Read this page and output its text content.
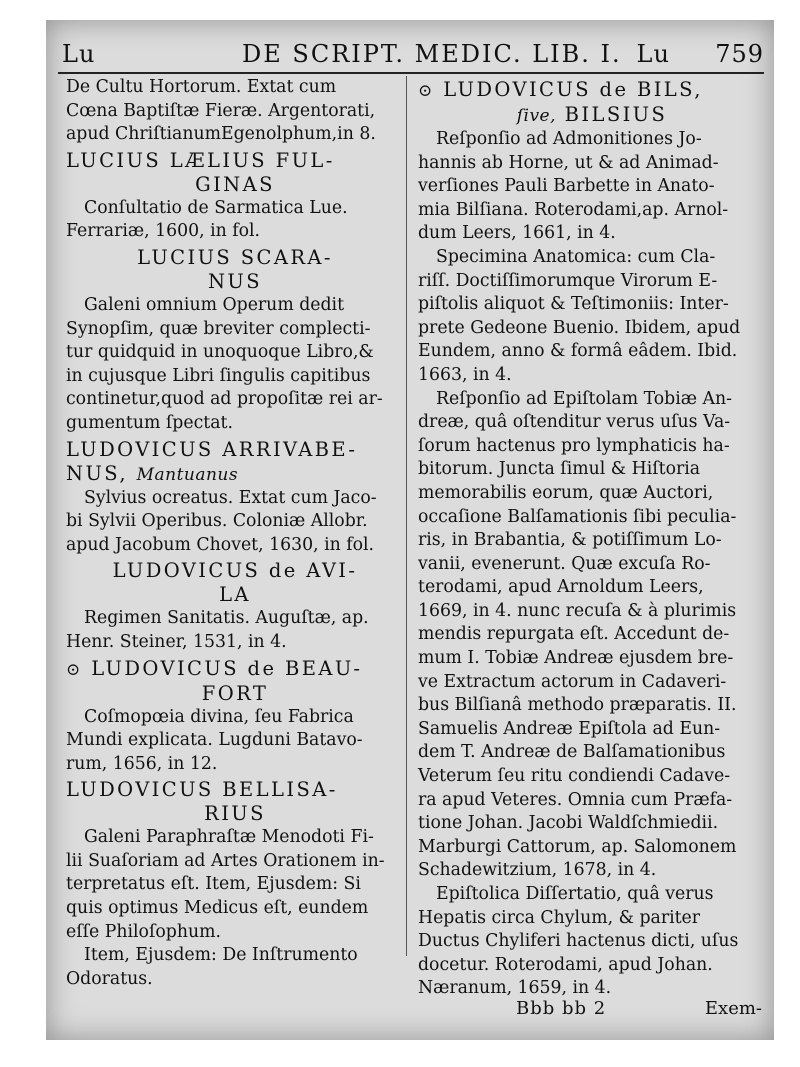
Lu	DE SCRIPT. MEDIC. LIB. I. Lu 759

De Cultu Hortorum. Extat cum
Cœna Baptiſtæ Fieræ. Argentorati,
apud ChriſtianumEgenolphum,in 8.

LUCIUS LÆLIUS FUL-
GINAS

Conſultatio de Sarmatica Lue.
Ferrariæ, 1600, in fol.

LUCIUS SCARA-
NUS

Galeni omnium Operum dedit
Synopſim, quæ breviter complecti-
tur quidquid in unoquoque Libro,&
in cujusque Libri ſingulis capitibus
continetur,quod ad propoſitæ rei ar-
gumentum ſpectat.

LUDOVICUS ARRIVABE-
NUS, Mantuanus

Sylvius ocreatus. Extat cum Jaco-
bi Sylvii Operibus. Coloniæ Allobr.
apud Jacobum Chovet, 1630, in fol.

LUDOVICUS de AVI-
LA

Regimen Sanitatis. Auguſtæ, ap.
Henr. Steiner, 1531, in 4.

⊙ LUDOVICUS de BEAU-
FORT

Coſmopœia divina, ſeu Fabrica
Mundi explicata. Lugduni Batavo-
rum, 1656, in 12.

LUDOVICUS BELLISA-
RIUS

Galeni Paraphraſtæ Menodoti Fi-
lii Suaſoriam ad Artes Orationem in-
terpretatus eſt. Item, Ejusdem: Si
quis optimus Medicus eſt, eundem
eſſe Philoſophum.

Item, Ejusdem: De Inſtrumento
Odoratus.

⊙ LUDOVICUS de BILS,
ſive, BILSIUS

Reſponſio ad Admonitiones Jo-
hannis ab Horne, ut & ad Animad-
verſiones Pauli Barbette in Anato-
mia Bilſiana. Roterodami,ap. Arnol-
dum Leers, 1661, in 4.

Specimina Anatomica: cum Cla-
riſſ. Doctiſſimorumque Virorum E-
piſtolis aliquot & Teſtimoniis: Inter-
prete Gedeone Buenio. Ibidem, apud
Eundem, anno & formâ eâdem. Ibid.
1663, in 4.

Reſponſio ad Epiſtolam Tobiæ An-
dreæ, quâ oſtenditur verus uſus Va-
ſorum hactenus pro lymphaticis ha-
bitorum. Juncta ſimul & Hiſtoria
memorabilis eorum, quæ Auctori,
occaſione Balſamationis ſibi peculia-
ris, in Brabantia, & potiſſimum Lo-
vanii, evenerunt. Quæ excuſa Ro-
terodami, apud Arnoldum Leers,
1669, in 4. nunc recuſa & à plurimis
mendis repurgata eſt. Accedunt de-
mum I. Tobiæ Andreæ ejusdem bre-
ve Extractum actorum in Cadaveri-
bus Bilſianâ methodo præparatis. II.
Samuelis Andreæ Epiſtola ad Eun-
dem T. Andreæ de Balſamationibus
Veterum ſeu ritu condiendi Cadave-
ra apud Veteres. Omnia cum Præfa-
tione Johan. Jacobi Waldſchmiedii.
Marburgi Cattorum, ap. Salomonem
Schadewitzium, 1678, in 4.

Epiſtolica Diſſertatio, quâ verus
Hepatis circa Chylum, & pariter
Ductus Chyliferi hactenus dicti, uſus
docetur. Roterodami, apud Johan.
Næranum, 1659, in 4.

Bbb bb 2	Exem-
